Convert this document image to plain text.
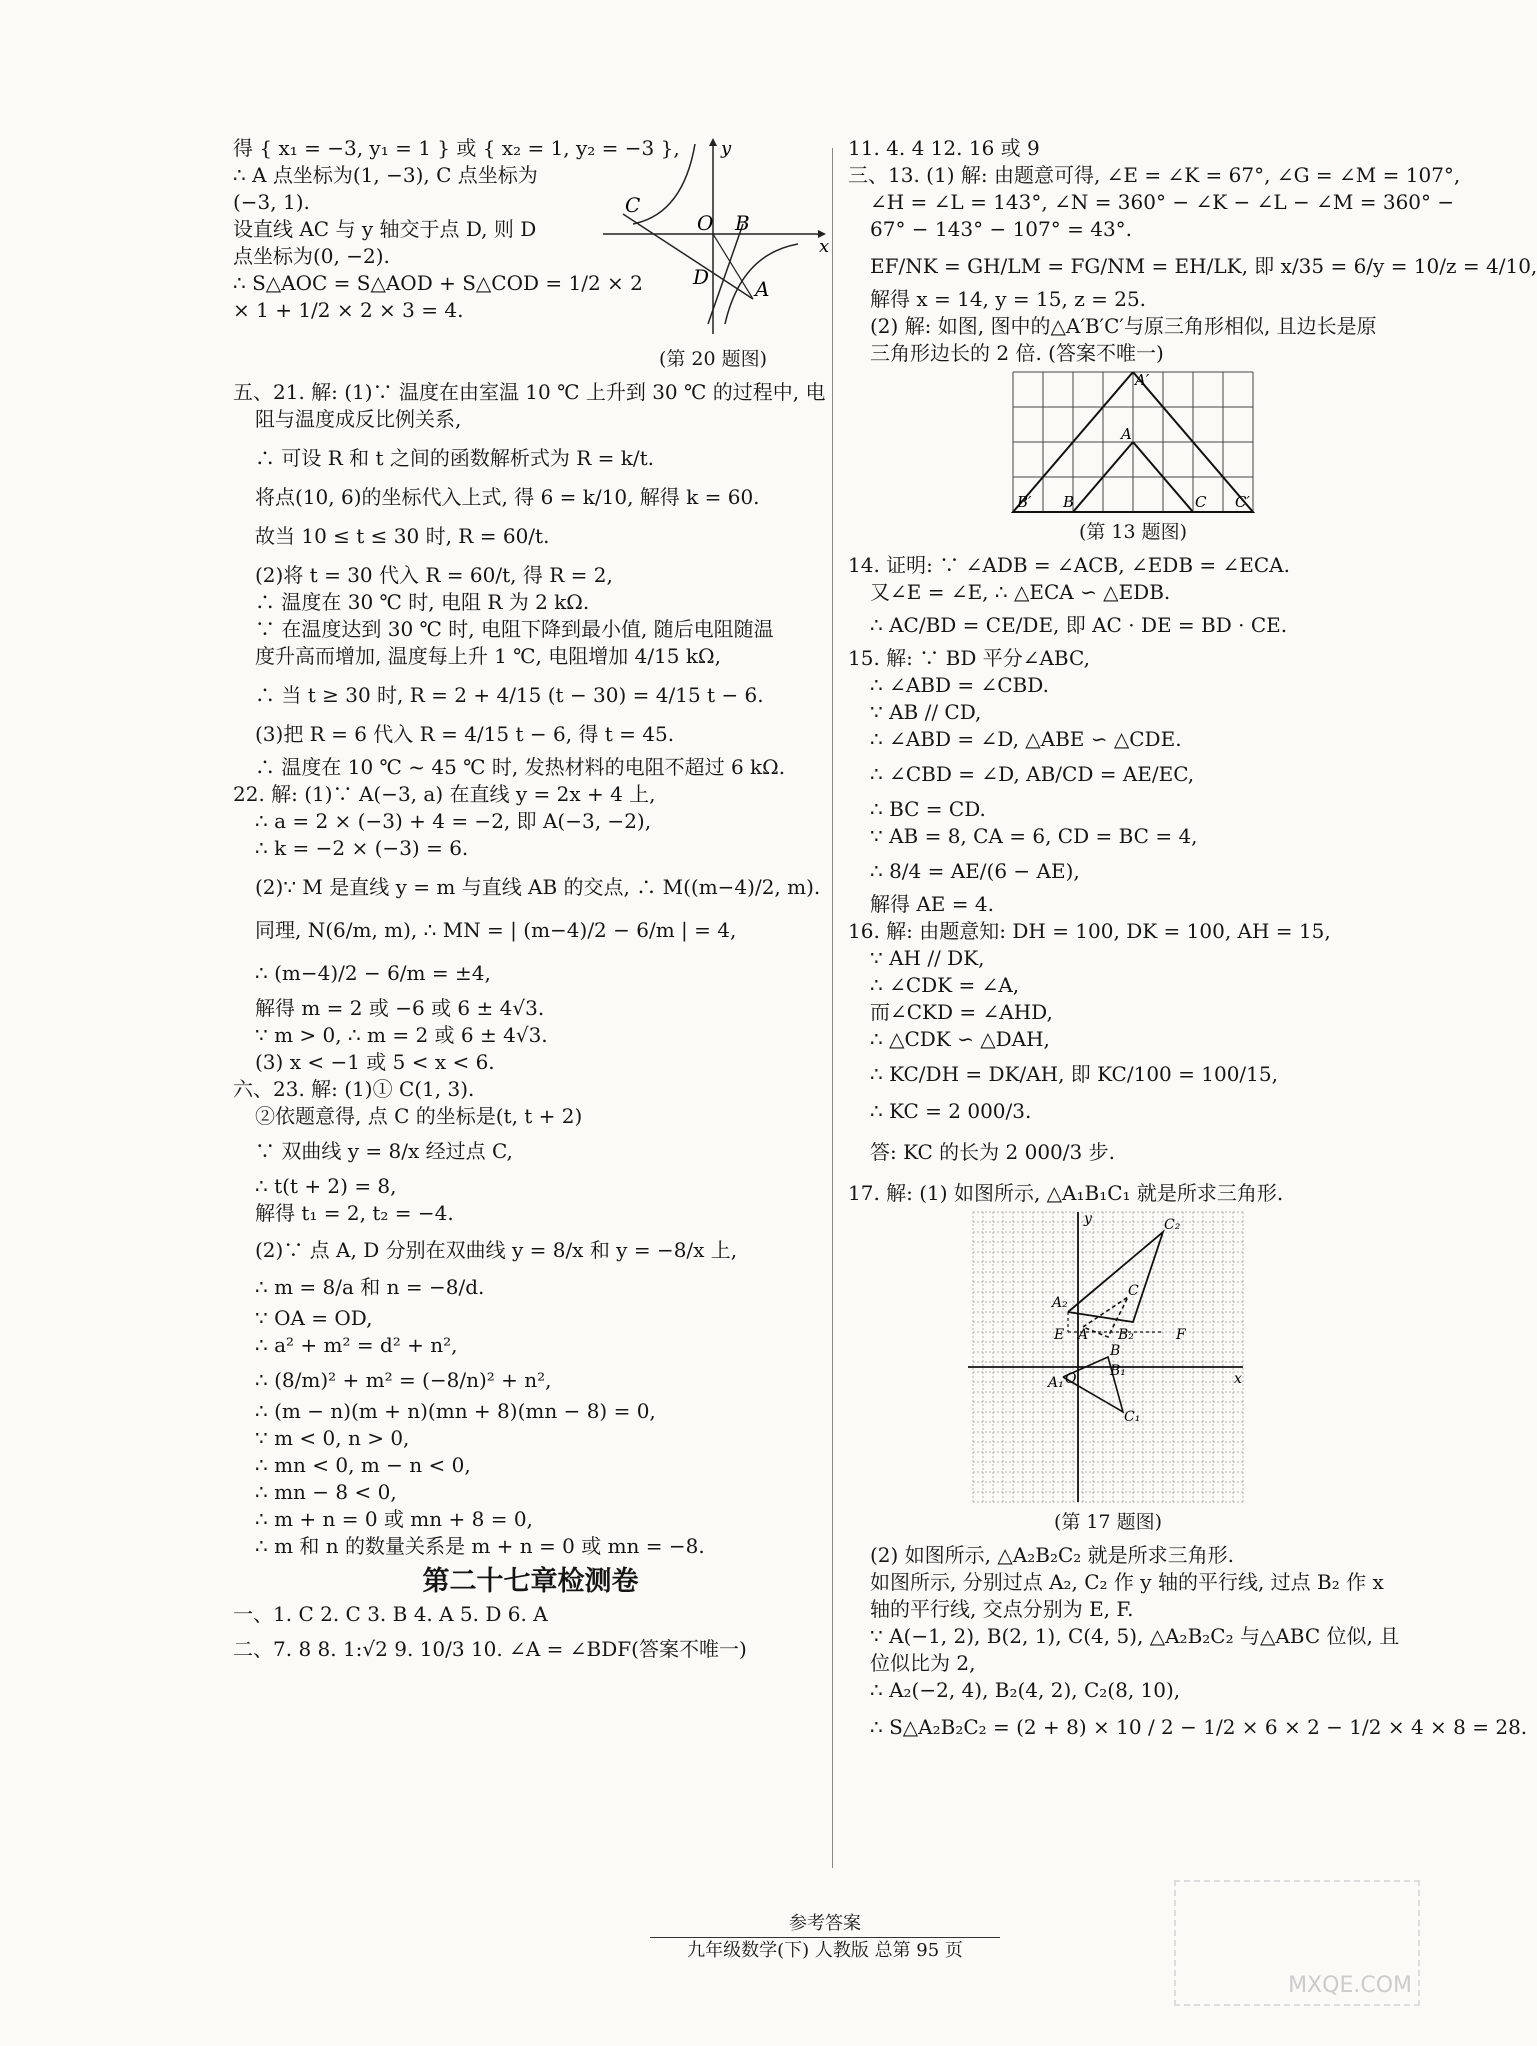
得 { x₁ = −3, y₁ = 1 } 或 { x₂ = 1, y₂ = −3 },
∴ A 点坐标为(1, −3), C 点坐标为
(−3, 1).
设直线 AC 与 y 轴交于点 D, 则 D
点坐标为(0, −2).
∴ S△AOC = S△AOD + S△COD = 1/2 × 2
× 1 + 1/2 × 2 × 3 = 4.
y
x
C
O B
D A
(第 20 题图)
五、21. 解: (1)∵ 温度在由室温 10 ℃ 上升到 30 ℃ 的过程中, 电
阻与温度成反比例关系,
∴ 可设 R 和 t 之间的函数解析式为 R = k/t.
将点(10, 6)的坐标代入上式, 得 6 = k/10, 解得 k = 60.
故当 10 ≤ t ≤ 30 时, R = 60/t.
(2)将 t = 30 代入 R = 60/t, 得 R = 2,
∴ 温度在 30 ℃ 时, 电阻 R 为 2 kΩ.
∵ 在温度达到 30 ℃ 时, 电阻下降到最小值, 随后电阻随温
度升高而增加, 温度每上升 1 ℃, 电阻增加 4/15 kΩ,
∴ 当 t ≥ 30 时, R = 2 + 4/15 (t − 30) = 4/15 t − 6.
(3)把 R = 6 代入 R = 4/15 t − 6, 得 t = 45.
∴ 温度在 10 ℃ ~ 45 ℃ 时, 发热材料的电阻不超过 6 kΩ.
22. 解: (1)∵ A(−3, a) 在直线 y = 2x + 4 上,
∴ a = 2 × (−3) + 4 = −2, 即 A(−3, −2),
∴ k = −2 × (−3) = 6.
(2)∵ M 是直线 y = m 与直线 AB 的交点, ∴ M((m−4)/2, m).
同理, N(6/m, m), ∴ MN = | (m−4)/2 − 6/m | = 4,
∴ (m−4)/2 − 6/m = ±4,
解得 m = 2 或 −6 或 6 ± 4√3.
∵ m > 0, ∴ m = 2 或 6 ± 4√3.
(3) x < −1 或 5 < x < 6.
六、23. 解: (1)① C(1, 3).
②依题意得, 点 C 的坐标是(t, t + 2)
∵ 双曲线 y = 8/x 经过点 C,
∴ t(t + 2) = 8,
解得 t₁ = 2, t₂ = −4.
(2)∵ 点 A, D 分别在双曲线 y = 8/x 和 y = −8/x 上,
∴ m = 8/a 和 n = −8/d.
∵ OA = OD,
∴ a² + m² = d² + n²,
∴ (8/m)² + m² = (−8/n)² + n²,
∴ (m − n)(m + n)(mn + 8)(mn − 8) = 0,
∵ m < 0, n > 0,
∴ mn < 0, m − n < 0,
∴ mn − 8 < 0,
∴ m + n = 0 或 mn + 8 = 0,
∴ m 和 n 的数量关系是 m + n = 0 或 mn = −8.
第二十七章检测卷
一、1. C 2. C 3. B 4. A 5. D 6. A
二、7. 8 8. 1:√2 9. 10/3 10. ∠A = ∠BDF(答案不唯一)
11. 4. 4 12. 16 或 9
三、13. (1) 解: 由题意可得, ∠E = ∠K = 67°, ∠G = ∠M = 107°,
∠H = ∠L = 143°, ∠N = 360° − ∠K − ∠L − ∠M = 360° −
67° − 143° − 107° = 43°.
EF/NK = GH/LM = FG/NM = EH/LK, 即 x/35 = 6/y = 10/z = 4/10,
解得 x = 14, y = 15, z = 25.
(2) 解: 如图, 图中的△A′B′C′与原三角形相似, 且边长是原
三角形边长的 2 倍. (答案不唯一)
A′
A
B′ B	C C′
(第 13 题图)
14. 证明: ∵ ∠ADB = ∠ACB, ∠EDB = ∠ECA.
又∠E = ∠E, ∴ △ECA ∽ △EDB.
∴ AC/BD = CE/DE, 即 AC · DE = BD · CE.
15. 解: ∵ BD 平分∠ABC,
∴ ∠ABD = ∠CBD.
∵ AB // CD,
∴ ∠ABD = ∠D, △ABE ∽ △CDE.
∴ ∠CBD = ∠D, AB/CD = AE/EC,
∴ BC = CD.
∵ AB = 8, CA = 6, CD = BC = 4,
∴ 8/4 = AE/(6 − AE),
解得 AE = 4.
16. 解: 由题意知: DH = 100, DK = 100, AH = 15,
∵ AH // DK,
∴ ∠CDK = ∠A,
而∠CKD = ∠AHD,
∴ △CDK ∽ △DAH,
∴ KC/DH = DK/AH, 即 KC/100 = 100/15,
∴ KC = 2 000/3.
答: KC 的长为 2 000/3 步.
17. 解: (1) 如图所示, △A₁B₁C₁ 就是所求三角形.
y
x
O
C₂
A₂
C
E A B₂	F
B
A₁
B₁
C₁
(第 17 题图)
(2) 如图所示, △A₂B₂C₂ 就是所求三角形.
如图所示, 分别过点 A₂, C₂ 作 y 轴的平行线, 过点 B₂ 作 x
轴的平行线, 交点分别为 E, F.
∵ A(−1, 2), B(2, 1), C(4, 5), △A₂B₂C₂ 与△ABC 位似, 且
位似比为 2,
∴ A₂(−2, 4), B₂(4, 2), C₂(8, 10),
∴ S△A₂B₂C₂ = (2 + 8) × 10 / 2 − 1/2 × 6 × 2 − 1/2 × 4 × 8 = 28.
参考答案
九年级数学(下) 人教版 总第 95 页
MXQE.COM
